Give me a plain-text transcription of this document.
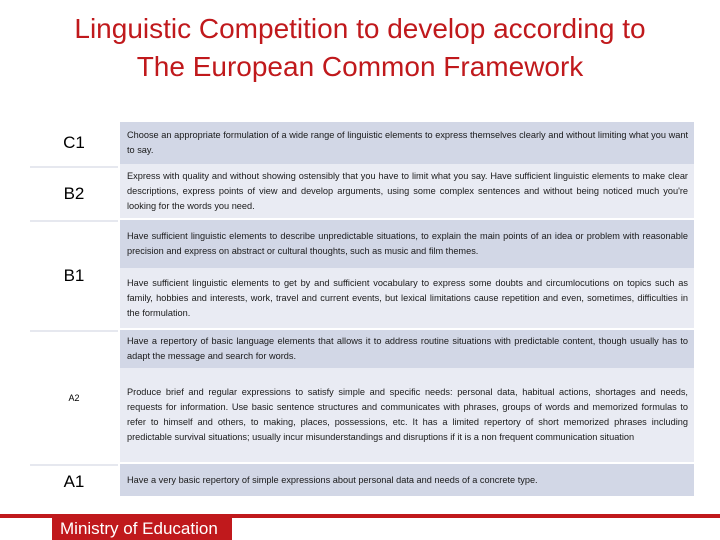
Linguistic Competition to develop according to
The European Common Framework
C1
B2
B1
A2
A1
Choose an appropriate formulation of a wide range of linguistic elements to express themselves clearly and without limiting what you want to say.
Express with quality and without showing ostensibly that you have to limit what you say. Have sufficient linguistic elements to make clear descriptions, express points of view and develop arguments, using some complex sentences and without being noticed much you're looking for the words you need.
Have sufficient linguistic elements to describe unpredictable situations, to explain the main points of an idea or problem with reasonable precision and express on abstract or cultural thoughts, such as music and film themes.
Have sufficient linguistic elements to get by and sufficient vocabulary to express some doubts and circumlocutions on topics such as family, hobbies and interests, work, travel and current events, but lexical limitations cause repetition and even, sometimes, difficulties in the formulation.
Have a repertory of basic language elements that allows it to address routine situations with predictable content, though usually has to adapt the message and search for words.
Produce brief and regular expressions to satisfy simple and specific needs: personal data, habitual actions, shortages and needs, requests for information. Use basic sentence structures and communicates with phrases, groups of words and memorized formulas to refer to himself and others, to making, places, possessions, etc. It has a limited repertory of short memorized phrases including predictable survival situations; usually incur misunderstandings and disruptions if it is a non frequent communication situation
Have a very basic repertory of simple expressions about personal data and needs of a concrete type.
Ministry of Education
